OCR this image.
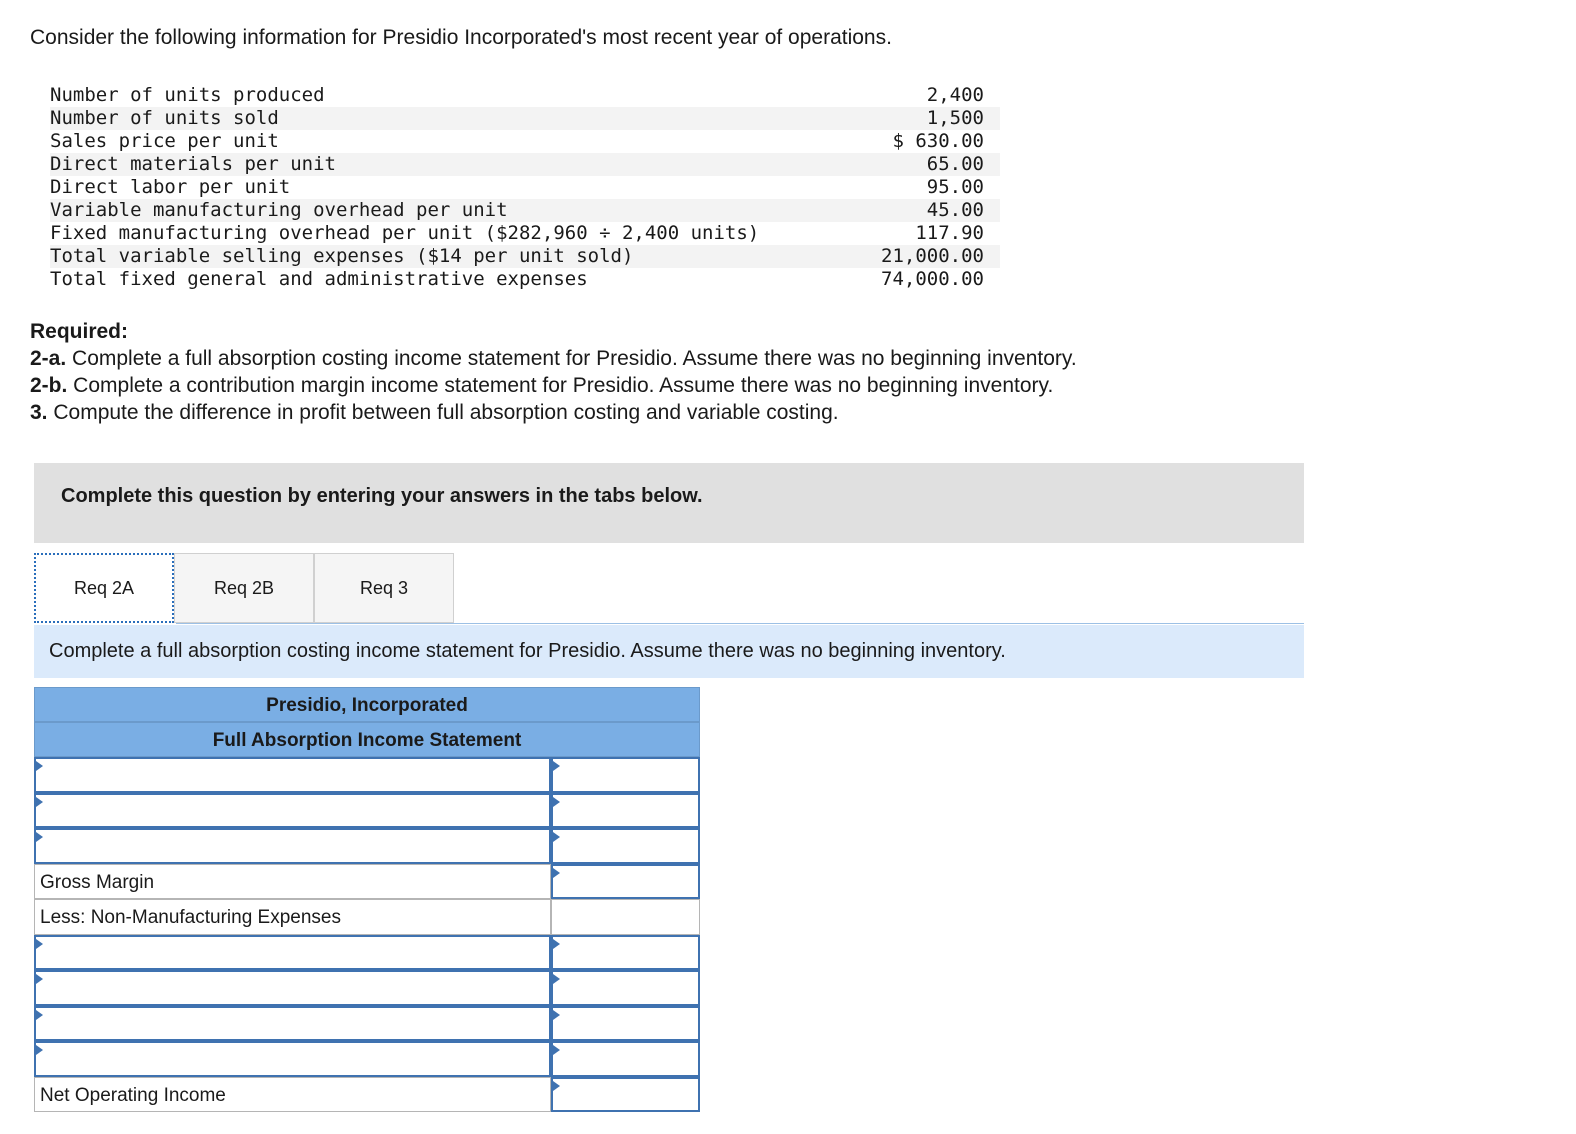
Consider the following information for Presidio Incorporated's most recent year of operations.
Number of units produced	2,400
Number of units sold	1,500
Sales price per unit	$ 630.00
Direct materials per unit	65.00
Direct labor per unit	95.00
Variable manufacturing overhead per unit	45.00
Fixed manufacturing overhead per unit ($282,960 ÷ 2,400 units)	117.90
Total variable selling expenses ($14 per unit sold)	21,000.00
Total fixed general and administrative expenses	74,000.00
Required:
2-a. Complete a full absorption costing income statement for Presidio. Assume there was no beginning inventory.
2-b. Complete a contribution margin income statement for Presidio. Assume there was no beginning inventory.
3. Compute the difference in profit between full absorption costing and variable costing.
Complete this question by entering your answers in the tabs below.
Req 2A	Req 2B	Req 3
Complete a full absorption costing income statement for Presidio. Assume there was no beginning inventory.
Presidio, Incorporated
Full Absorption Income Statement
Gross Margin
Less: Non-Manufacturing Expenses
Net Operating Income
